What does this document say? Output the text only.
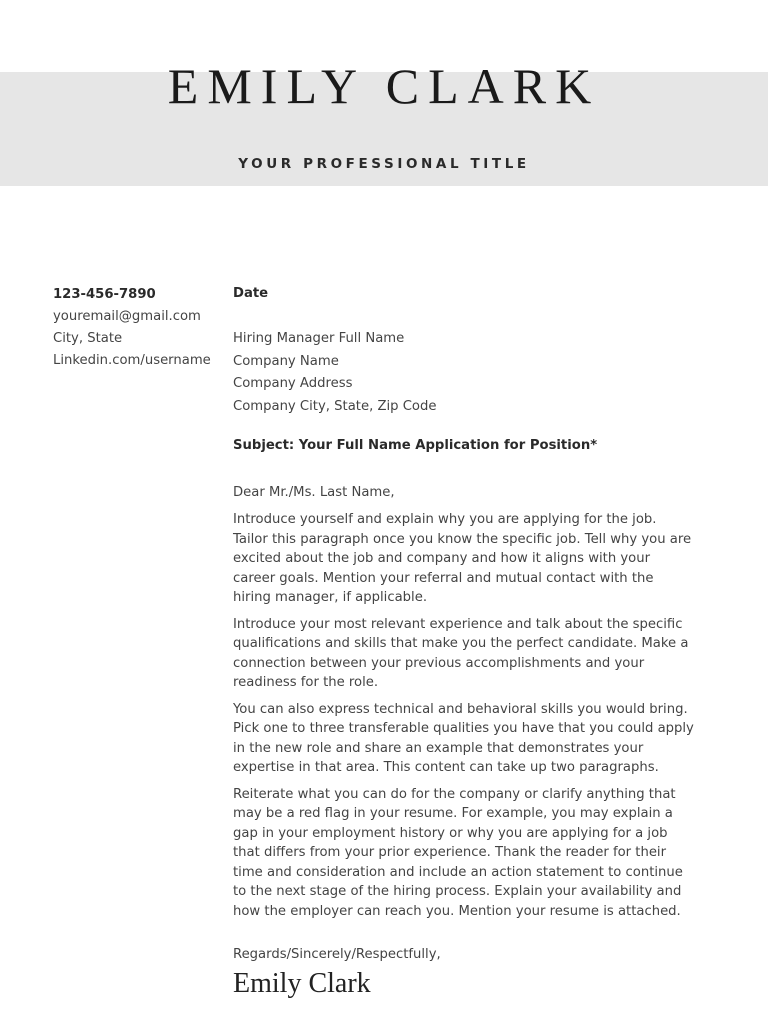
EMILY CLARK
YOUR PROFESSIONAL TITLE
123-456-7890
youremail@gmail.com
City, State
Linkedin.com/username
Date
Hiring Manager Full Name
Company Name
Company Address
Company City, State, Zip Code
Subject: Your Full Name Application for Position*
Dear Mr./Ms. Last Name,
Introduce yourself and explain why you are applying for the job. Tailor this paragraph once you know the specific job. Tell why you are excited about the job and company and how it aligns with your career goals. Mention your referral and mutual contact with the hiring manager, if applicable.
Introduce your most relevant experience and talk about the specific qualifications and skills that make you the perfect candidate. Make a connection between your previous accomplishments and your readiness for the role.
You can also express technical and behavioral skills you would bring. Pick one to three transferable qualities you have that you could apply in the new role and share an example that demonstrates your expertise in that area. This content can take up two paragraphs.
Reiterate what you can do for the company or clarify anything that may be a red flag in your resume. For example, you may explain a gap in your employment history or why you are applying for a job that differs from your prior experience. Thank the reader for their time and consideration and include an action statement to continue to the next stage of the hiring process. Explain your availability and how the employer can reach you. Mention your resume is attached.
Regards/Sincerely/Respectfully,
Emily Clark
